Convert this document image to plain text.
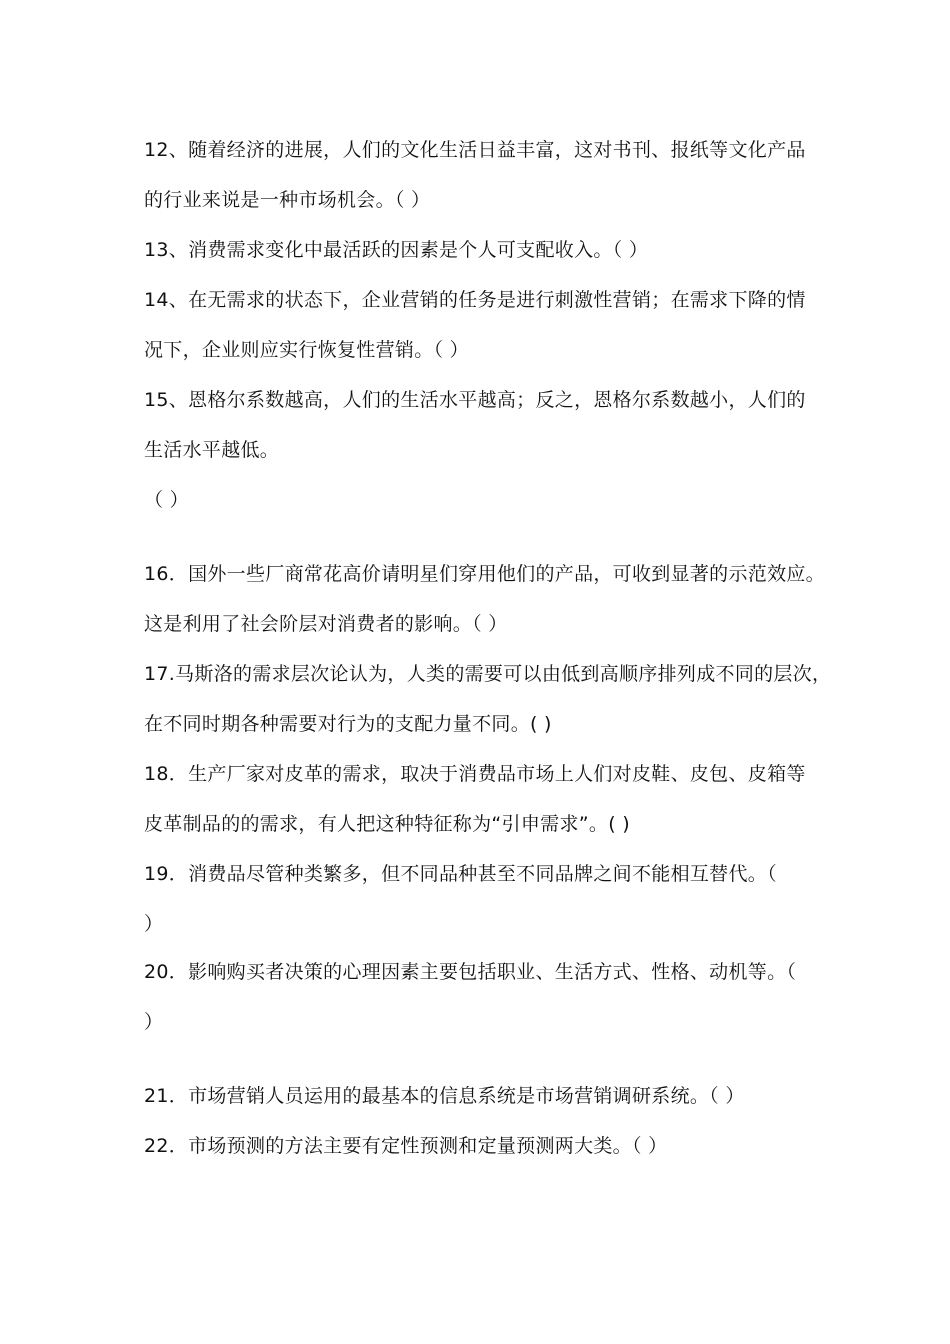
12、随着经济的进展，人们的文化生活日益丰富，这对书刊、报纸等文化产品
的行业来说是一种市场机会。（ ）
13、消费需求变化中最活跃的因素是个人可支配收入。（ ）
14、在无需求的状态下，企业营销的任务是进行刺激性营销；在需求下降的情
况下，企业则应实行恢复性营销。（ ）
15、恩格尔系数越高，人们的生活水平越高；反之，恩格尔系数越小，人们的
生活水平越低。
（ ）
16．国外一些厂商常花高价请明星们穿用他们的产品，可收到显著的示范效应。
这是利用了社会阶层对消费者的影响。（ ）
17.马斯洛的需求层次论认为，人类的需要可以由低到高顺序排列成不同的层次，
在不同时期各种需要对行为的支配力量不同。( )
18．生产厂家对皮革的需求，取决于消费品市场上人们对皮鞋、皮包、皮箱等
皮革制品的的需求，有人把这种特征称为“引申需求”。( )
19．消费品尽管种类繁多，但不同品种甚至不同品牌之间不能相互替代。（
）
20．影响购买者决策的心理因素主要包括职业、生活方式、性格、动机等。（
）
21．市场营销人员运用的最基本的信息系统是市场营销调研系统。（ ）
22．市场预测的方法主要有定性预测和定量预测两大类。（ ）
